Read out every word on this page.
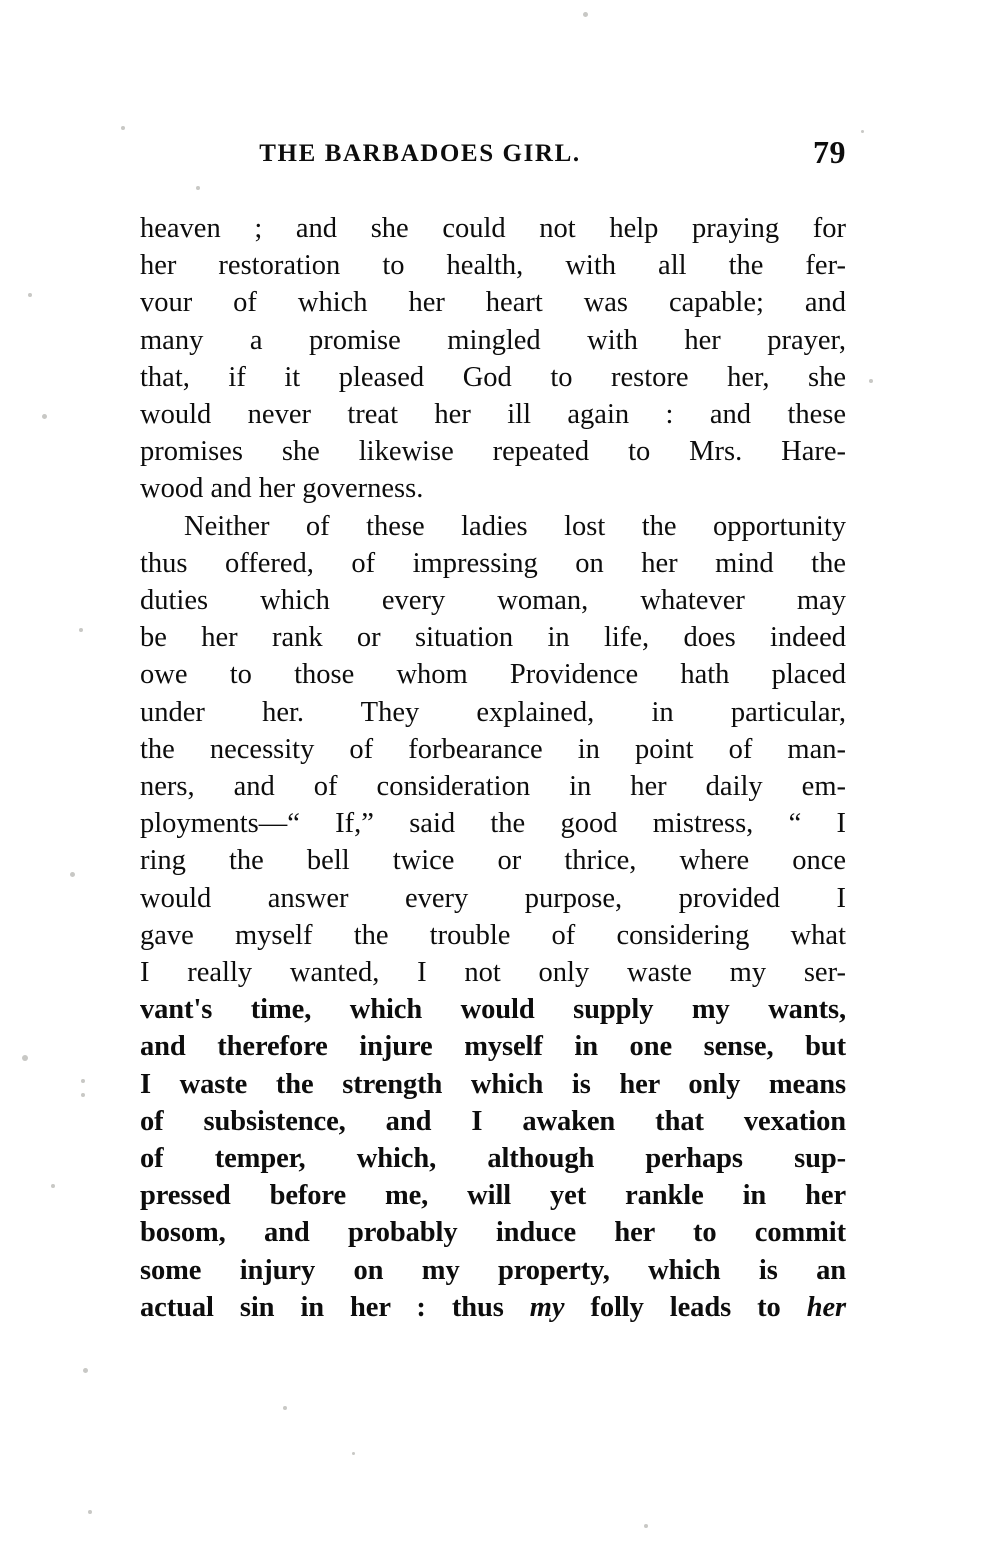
THE BARBADOES GIRL.	79

heaven ; and she could not help praying for
her restoration to health, with all the fer-
vour of which her heart was capable; and
many a promise mingled with her prayer,
that, if it pleased God to restore her, she
would never treat her ill again : and these
promises she likewise repeated to Mrs. Hare-
wood and her governess.

Neither of these ladies lost the opportunity
thus offered, of impressing on her mind the
duties which every woman, whatever may
be her rank or situation in life, does indeed
owe to those whom Providence hath placed
under her. They explained, in particular,
the necessity of forbearance in point of man-
ners, and of consideration in her daily em-
ployments—“ If,” said the good mistress, “ I
ring the bell twice or thrice, where once
would answer every purpose, provided I
gave myself the trouble of considering what
I really wanted, I not only waste my ser-
vant's time, which would supply my wants,
and therefore injure myself in one sense, but
I waste the strength which is her only means
of subsistence, and I awaken that vexation
of temper, which, although perhaps sup-
pressed before me, will yet rankle in her
bosom, and probably induce her to commit
some injury on my property, which is an
actual sin in her : thus my folly leads to her
